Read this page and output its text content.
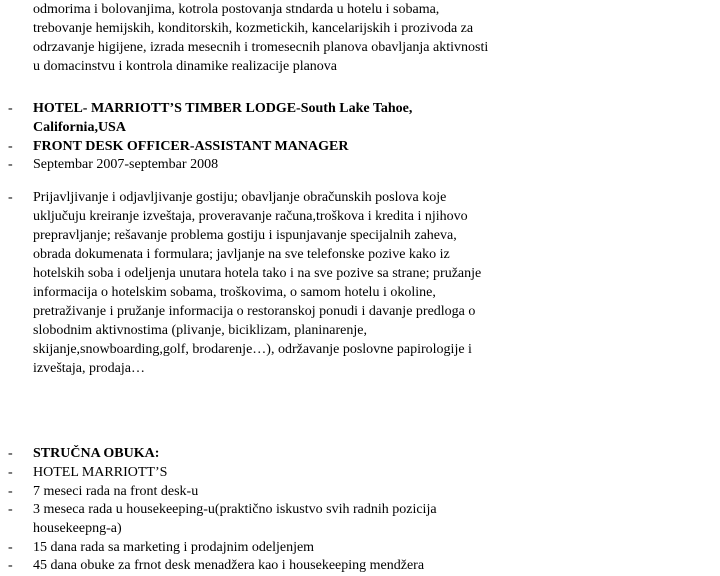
odmorima i bolovanjima, kotrola postovanja stndarda u hotelu i sobama,
trebovanje hemijskih, konditorskih, kozmetickih, kancelarijskih i prozivoda za
odrzavanje higijene, izrada mesecnih i tromesecnih planova obavljanja aktivnosti
u domacinstvu i kontrola dinamike realizacije planova

- HOTEL- MARRIOTT’S TIMBER LODGE-South Lake Tahoe,
California,USA
- FRONT DESK OFFICER-ASSISTANT MANAGER
- Septembar 2007-septembar 2008
- Prijavljivanje i odjavljivanje gostiju; obavljanje obračunskih poslova koje
uključuju kreiranje izveštaja, proveravanje računa,troškova i kredita i njihovo
prepravljanje; rešavanje problema gostiju i ispunjavanje specijalnih zaheva,
obrada dokumenata i formulara; javljanje na sve telefonske pozive kako iz
hotelskih soba i odeljenja unutara hotela tako i na sve pozive sa strane; pružanje
informacija o hotelskim sobama, troškovima, o samom hotelu i okoline,
pretraživanje i pružanje informacija o restoranskoj ponudi i davanje predloga o
slobodnim aktivnostima (plivanje, biciklizam, planinarenje,
skijanje,snowboarding,golf, brodarenje…), održavanje poslovne papirologije i
izveštaja, prodaja…
- STRUČNA OBUKA:
- HOTEL MARRIOTT’S
- 7 meseci rada na front desk-u
- 3 meseca rada u housekeeping-u(praktično iskustvo svih radnih pozicija
housekeepng-a)
- 15 dana rada sa marketing i prodajnim odeljenjem
- 45 dana obuke za frnot desk menadžera kao i housekeeping mendžera
